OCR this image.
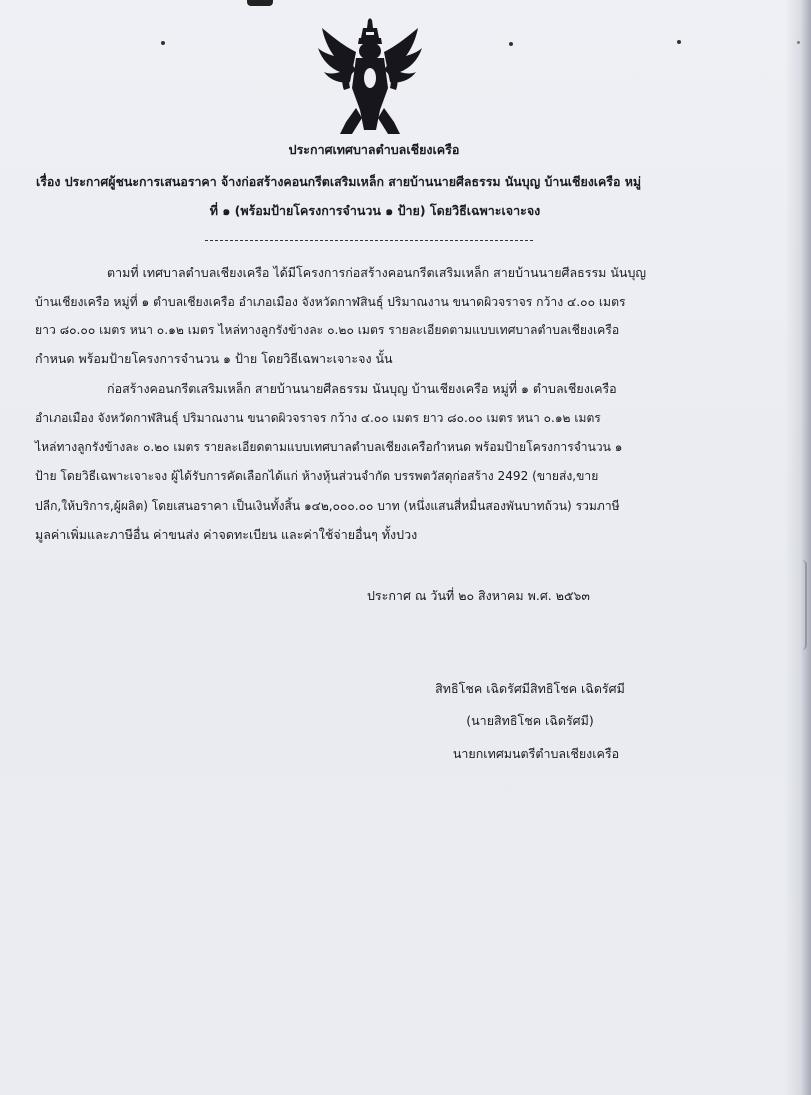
ประกาศเทศบาลตำบลเชียงเครือ
เรื่อง ประกาศผู้ชนะการเสนอราคา จ้างก่อสร้างคอนกรีตเสริมเหล็ก สายบ้านนายศีลธรรม นันบุญ บ้านเชียงเครือ หมู่
ที่ ๑ (พร้อมป้ายโครงการจำนวน ๑ ป้าย) โดยวิธีเฉพาะเจาะจง
ตามที่ เทศบาลตำบลเชียงเครือ ได้มีโครงการก่อสร้างคอนกรีตเสริมเหล็ก สายบ้านนายศีลธรรม นันบุญ
บ้านเชียงเครือ หมู่ที่ ๑ ตำบลเชียงเครือ อำเภอเมือง จังหวัดกาฬสินธุ์ ปริมาณงาน ขนาดผิวจราจร กว้าง ๔.๐๐ เมตร
ยาว ๘๐.๐๐ เมตร หนา ๐.๑๒ เมตร ไหล่ทางลูกรังข้างละ ๐.๒๐ เมตร รายละเอียดตามแบบเทศบาลตำบลเชียงเครือ
กำหนด พร้อมป้ายโครงการจำนวน ๑ ป้าย โดยวิธีเฉพาะเจาะจง นั้น
ก่อสร้างคอนกรีตเสริมเหล็ก สายบ้านนายศีลธรรม นันบุญ บ้านเชียงเครือ หมู่ที่ ๑ ตำบลเชียงเครือ
อำเภอเมือง จังหวัดกาฬสินธุ์ ปริมาณงาน ขนาดผิวจราจร กว้าง ๔.๐๐ เมตร ยาว ๘๐.๐๐ เมตร หนา ๐.๑๒ เมตร
ไหล่ทางลูกรังข้างละ ๐.๒๐ เมตร รายละเอียดตามแบบเทศบาลตำบลเชียงเครือกำหนด พร้อมป้ายโครงการจำนวน ๑
ป้าย โดยวิธีเฉพาะเจาะจง ผู้ได้รับการคัดเลือกได้แก่ ห้างหุ้นส่วนจำกัด บรรพตวัสดุก่อสร้าง 2492 (ขายส่ง,ขาย
ปลีก,ให้บริการ,ผู้ผลิต) โดยเสนอราคา เป็นเงินทั้งสิ้น ๑๔๒,๐๐๐.๐๐ บาท (หนึ่งแสนสี่หมื่นสองพันบาทถ้วน) รวมภาษี
มูลค่าเพิ่มและภาษีอื่น ค่าขนส่ง ค่าจดทะเบียน และค่าใช้จ่ายอื่นๆ ทั้งปวง
ประกาศ ณ วันที่ ๒๐ สิงหาคม พ.ศ. ๒๕๖๓
สิทธิโชค เฉิดรัศมีสิทธิโชค เฉิดรัศมี
(นายสิทธิโชค เฉิดรัศมี)
นายกเทศมนตรีตำบลเชียงเครือ
